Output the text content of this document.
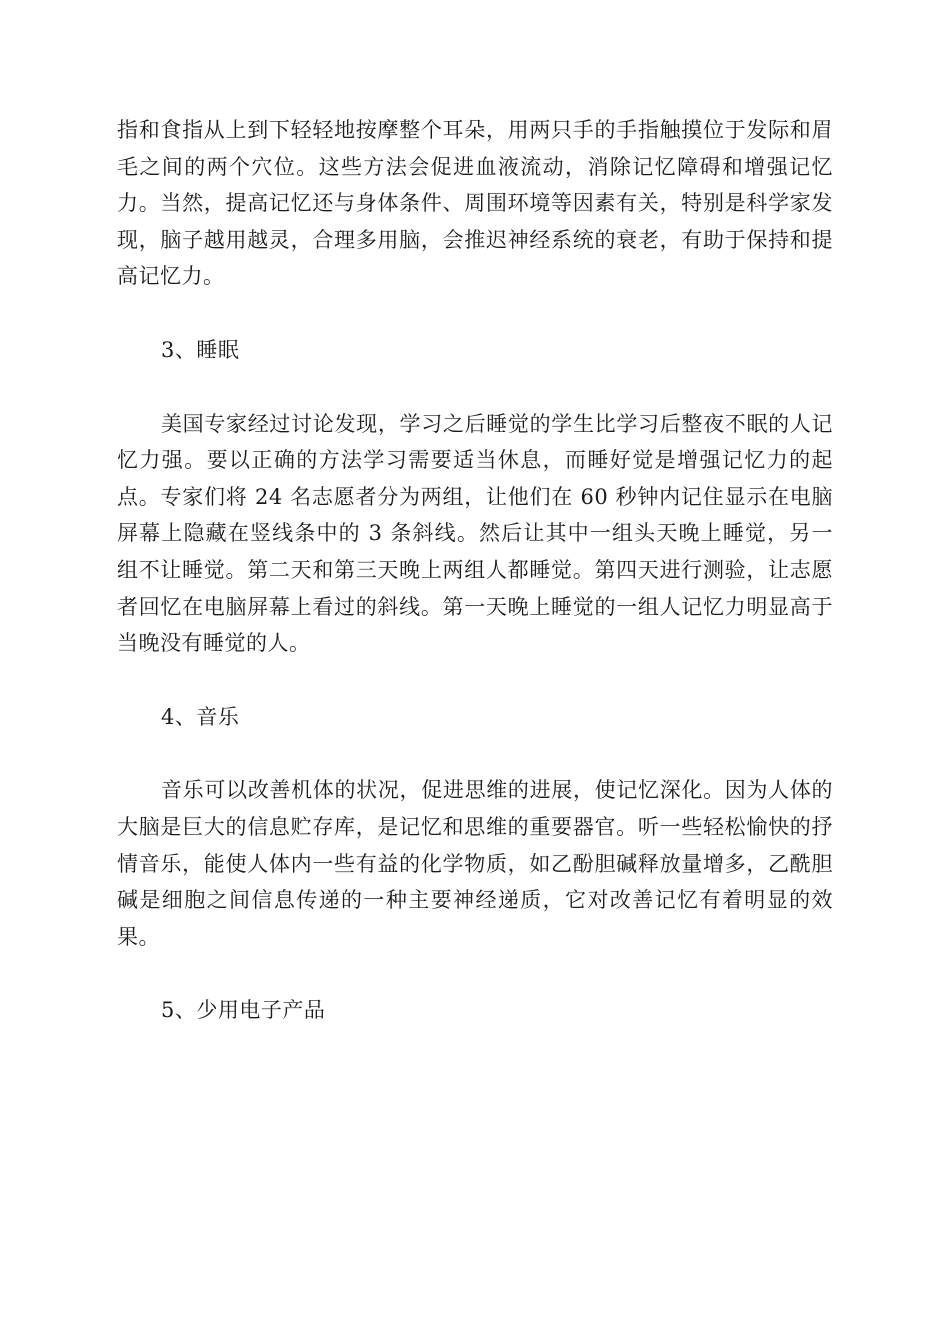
指和食指从上到下轻轻地按摩整个耳朵，用两只手的手指触摸位于发际和眉毛之间的两个穴位。这些方法会促进血液流动，消除记忆障碍和增强记忆力。当然，提高记忆还与身体条件、周围环境等因素有关，特别是科学家发现，脑子越用越灵，合理多用脑，会推迟神经系统的衰老，有助于保持和提高记忆力。

3、睡眠

美国专家经过讨论发现，学习之后睡觉的学生比学习后整夜不眠的人记忆力强。要以正确的方法学习需要适当休息，而睡好觉是增强记忆力的起点。专家们将 24 名志愿者分为两组，让他们在 60 秒钟内记住显示在电脑屏幕上隐藏在竖线条中的 3 条斜线。然后让其中一组头天晚上睡觉，另一组不让睡觉。第二天和第三天晚上两组人都睡觉。第四天进行测验，让志愿者回忆在电脑屏幕上看过的斜线。第一天晚上睡觉的一组人记忆力明显高于当晚没有睡觉的人。

4、音乐

音乐可以改善机体的状况，促进思维的进展，使记忆深化。因为人体的大脑是巨大的信息贮存库，是记忆和思维的重要器官。听一些轻松愉快的抒情音乐，能使人体内一些有益的化学物质，如乙酚胆碱释放量增多，乙酰胆碱是细胞之间信息传递的一种主要神经递质，它对改善记忆有着明显的效果。

5、少用电子产品
